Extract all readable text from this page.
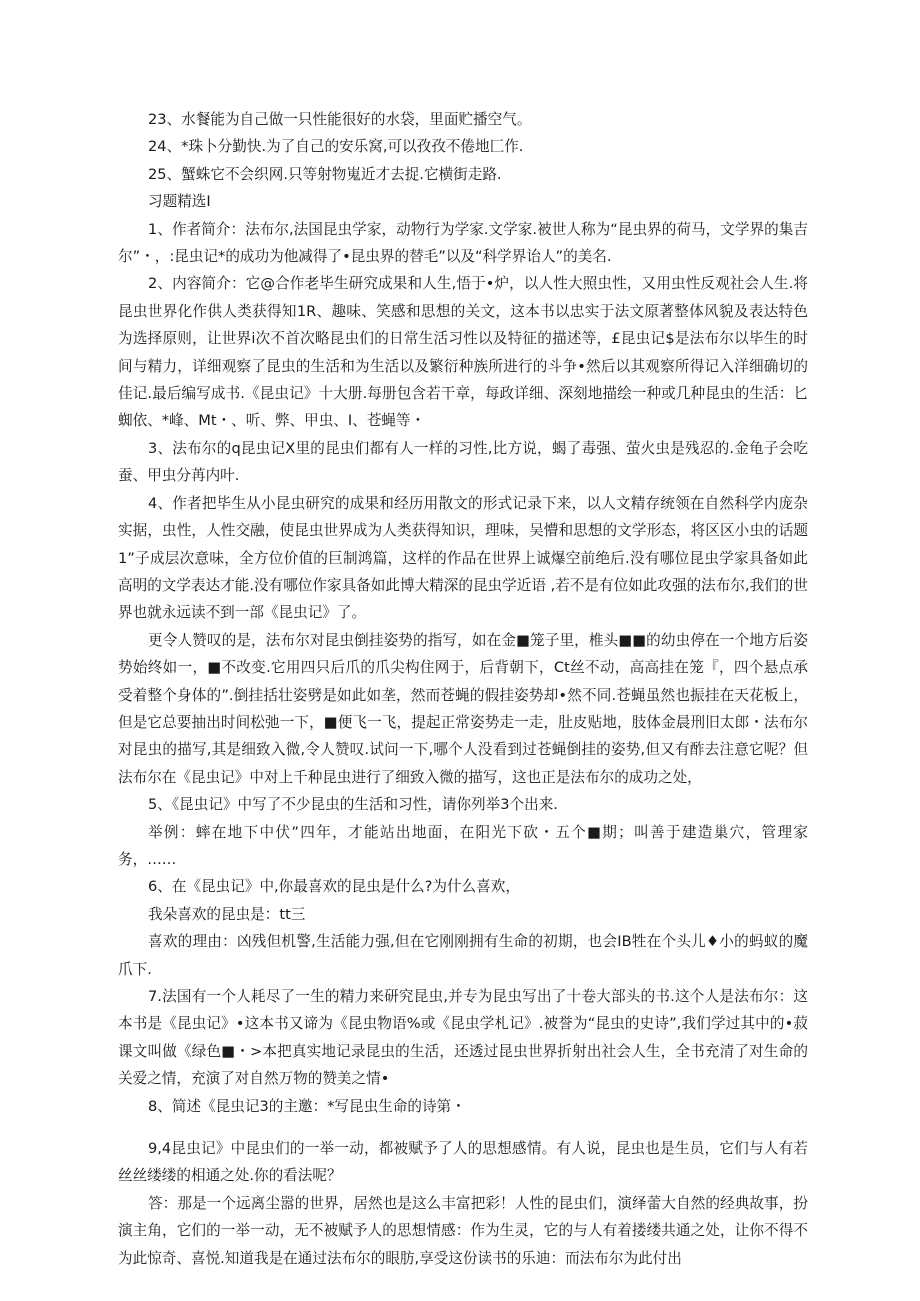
23、水餐能为自己做一只性能很好的水袋，里面贮播空气。

24、*珠卜分勤快.为了自己的安乐窝,可以孜孜不倦地匚作.

25、蟹蛛它不会织网.只等射物嵬近才去捉.它横街走路.

习题精选I

1、作者简介：法布尔,法国昆虫学家，动物行为学家.文学家.被世人称为“昆虫界的荷马，文学界的集吉尔”・，:昆虫记*的成功为他减得了•昆虫界的替毛”以及“科学界诒人”的美名.

2、内容简介：它@合作老毕生研究成果和人生,悟于•炉，以人性大照虫性，又用虫性反观社会人生.将昆虫世界化作供人类获得知1R、趣味、笑感和思想的关文，这本书以忠实于法文原著整体风貌及表达特色为选择原则，让世界i次不首次略昆虫们的日常生活习性以及特征的描述等，£昆虫记$是法布尔以毕生的时间与精力，详细观察了昆虫的生活和为生活以及繁衍种族所进行的斗争•然后以其观察所得记入洋细确切的佳记.最后编写成书.《昆虫记》十大册.每册包含若干章，每政详细、深刻地描绘一种或几种昆虫的生活：匕蜘依、*峰、Mt・、听、弊、甲虫、I、苍蝇等・

3、法布尔的q昆虫记X里的昆虫们都有人一样的习性,比方说，蝎了毒强、萤火虫是残忍的.金龟子会吃蚕、甲虫分苒内叶.

4、作者把毕生从小昆虫研究的成果和经历用散文的形式记录下来，以人文精存统领在自然科学内庞杂实据，虫性，人性交融，使昆虫世界成为人类获得知识，理味，吴懵和思想的文学形态，将区区小虫的话题1”子成层次意味，全方位价值的巨制鸿篇，这样的作品在世界上诚爆空前绝后.没有哪位昆虫学家具备如此高明的文学表达才能.没有哪位作家具备如此博大精深的昆虫学近语 ,若不是有位如此攻强的法布尔,我们的世界也就永远读不到一部《昆虫记》了。

更令人赞叹的是，法布尔对昆虫倒挂姿势的指写，如在金■笼子里，椎头■■的幼虫停在一个地方后姿势始终如一，■不改变.它用四只后爪的爪尖构住网于，后背朝下，Ct丝不动，高高挂在笼『，四个悬点承受着整个身体的”.倒挂括壮姿劈是如此如垄，然而苍蝇的假挂姿势却•然不同.苍蝇虽然也振挂在天花板上，但是它总要抽出时间松弛一下，■便飞一飞，提起正常姿势走一走，肚皮贴地，肢体金晨刑旧太郎・法布尔对昆虫的描写,其是细致入微,令人赞叹.试问一下,哪个人没看到过苍蝇倒挂的姿势,但又有酢去注意它呢？但法布尔在《昆虫记》中对上千种昆虫进行了细致入微的描写，这也正是法布尔的成功之处，

5、《昆虫记》中写了不少昆虫的生活和习性，请你列举3个出来.

举例：蟀在地下中伏”四年，才能站出地面，在阳光下砍・五个■期；叫善于建造巢穴，管理家务，……

6、在《昆虫记》中,你最喜欢的昆虫是什么?为什么喜欢，

我朵喜欢的昆虫是：tt三

喜欢的理由：凶残但机警,生活能力强,但在它刚刚拥有生命的初期，也会IB牲在个头儿♦小的蚂蚁的魔爪下.

7.法国有一个人耗尽了一生的精力来研究昆虫,并专为昆虫写出了十卷大部头的书.这个人是法布尔：这本书是《昆虫记》•这本书又谛为《昆虫物语%或《昆虫学札记》.被誉为“昆虫的史诗”,我们学过其中的•菽课文叫做《绿色■・>本把真实地记录昆虫的生活，还透过昆虫世界折射出社会人生，全书充清了对生命的关爱之情，充演了对自然万物的赞美之情•

8、简述《昆虫记3的主邀：*写昆虫生命的诗第・

9,4昆虫记》中昆虫们的一举一动，都被赋予了人的思想感情。有人说，昆虫也是生员，它们与人有若丝丝缕缕的相通之处.你的看法呢？

答：那是一个远离尘嚣的世界，居然也是这么丰富把彩！人性的昆虫们，演绎蕾大自然的经典故事，扮演主角，它们的一举一动，无不被赋予人的思想情感：作为生灵，它的与人有着搂缕共通之处，让你不得不为此惊奇、喜悦.知道我是在通过法布尔的眼肪,享受这份读书的乐迪：而法布尔为此付出
